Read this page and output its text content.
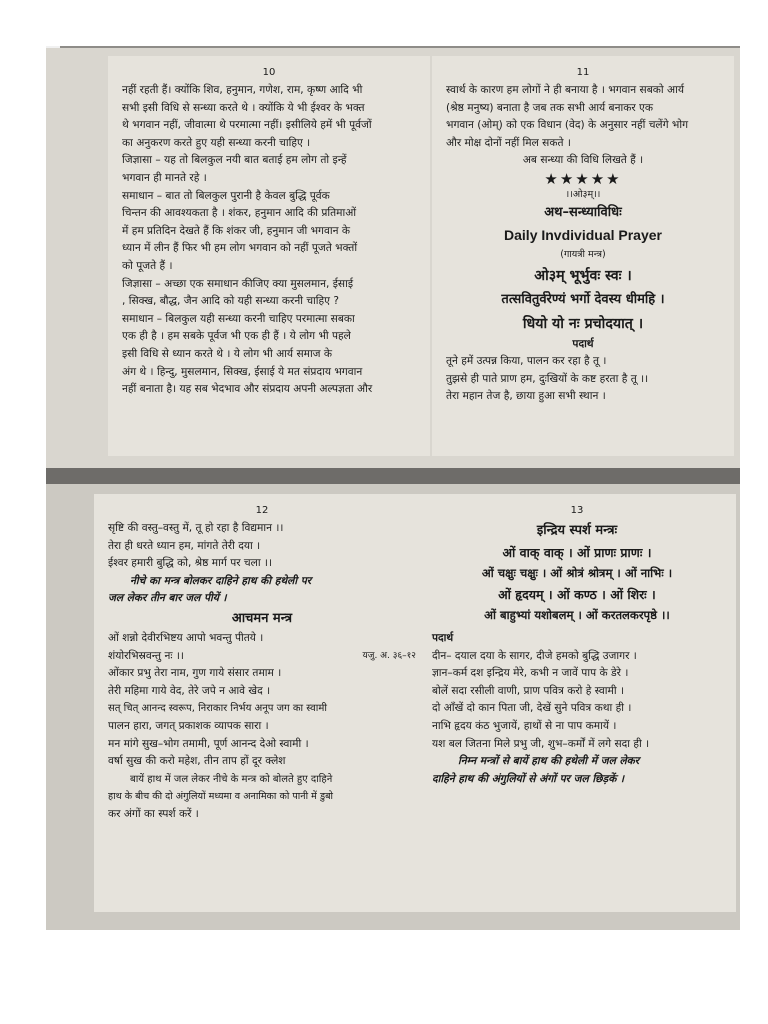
10
नहीं रहती हैं। क्योंकि शिव, हनुमान, गणेश, राम, कृष्ण आदि भी
सभी इसी विधि से सन्ध्या करते थे । क्योंकि ये भी ईश्वर के भक्त
थे भगवान नहीं, जीवात्मा थे परमात्मा नहीं। इसीलिये हमें भी पूर्वजों
का अनुकरण करते हुए यही सन्ध्या करनी चाहिए ।
जिज्ञासा – यह तो बिलकुल नयी बात बताई हम लोग तो इन्हें
भगवान ही मानते रहे ।
समाधान – बात तो बिलकुल पुरानी है केवल बुद्धि पूर्वक
चिन्तन की आवश्यकता है । शंकर, हनुमान आदि की प्रतिमाओं
में हम प्रतिदिन देखते हैं कि शंकर जी, हनुमान जी भगवान के
ध्यान में लीन हैं फिर भी हम लोग भगवान को नहीं पूजते भक्तों
को पूजते हैं ।
जिज्ञासा – अच्छा एक समाधान कीजिए क्या मुसलमान, ईसाई
, सिक्ख, बौद्ध, जैन आदि को यही सन्ध्या करनी चाहिए ?
समाधान – बिलकुल यही सन्ध्या करनी चाहिए परमात्मा सबका
एक ही है । हम सबके पूर्वज भी एक ही हैं । ये लोग भी पहले
इसी विधि से ध्यान करते थे । ये लोग भी आर्य समाज के
अंग थे । हिन्दु, मुसलमान, सिक्ख, ईसाई ये मत संप्रदाय भगवान
नहीं बनाता है। यह सब भेदभाव और संप्रदाय अपनी अल्पज्ञता और
11
स्वार्थ के कारण हम लोगों ने ही बनाया है । भगवान सबको आर्य
(श्रेष्ठ मनुष्य) बनाता है जब तक सभी आर्य बनाकर एक
भगवान (ओम्) को एक विधान (वेद) के अनुसार नहीं चलेंगे भोग
और मोक्ष दोनों नहीं मिल सकते ।
अब सन्ध्या की विधि लिखते हैं ।
★★★★★
।।ओ३म्।।
अथ–सन्ध्याविधिः
Daily Invdividual Prayer
(गायत्री मन्त्र)
ओ३म् भूर्भुवः स्वः ।
तत्सवितुर्वरेण्यं भर्गो देवस्य धीमहि ।
धियो यो नः प्रचोदयात् ।
पदार्थ
तूने हमें उत्पन्न किया, पालन कर रहा है तू ।
तुझसे ही पाते प्राण हम, दुःखियों के कष्ट हरता है तू ।।
तेरा महान तेज है, छाया हुआ सभी स्थान ।
12
सृष्टि की वस्तु–वस्तु में, तू हो रहा है विद्यमान ।।
तेरा ही धरते ध्यान हम, मांगते तेरी दया ।
ईश्वर हमारी बुद्धि को, श्रेष्ठ मार्ग पर चला ।।
नीचे का मन्त्र बोलकर दाहिने हाथ की हथेली पर
जल लेकर तीन बार जल पीयें ।
आचमन मन्त्र
ओं शन्नो देवीरभिष्टय आपो भवन्तु पीतये ।
शंयोरभिस्रवन्तु नः ।।	यजु. अ. ३६–१२
ओंकार प्रभु तेरा नाम, गुण गाये संसार तमाम ।
तेरी महिमा गाये वेद, तेरे जपे न आवे खेद ।
सत् चित् आनन्द स्वरूप, निराकार निर्भय अनूप जग का स्वामी
पालन हारा, जगत् प्रकाशक व्यापक सारा ।
मन मांगे सुख–भोग तमामी, पूर्ण आनन्द देओ स्वामी ।
वर्षा सुख की करो महेश, तीन ताप हों दूर क्लेश
बायें हाथ में जल लेकर नीचे के मन्त्र को बोलते हुए दाहिने
हाथ के बीच की दो अंगुलियों मध्यमा व अनामिका को पानी में डुबो
कर अंगों का स्पर्श करें ।
13
इन्द्रिय स्पर्श मन्त्रः
ओं वाक् वाक् । ओं प्राणः प्राणः ।
ओं चक्षुः चक्षुः । ओं श्रोत्रं श्रोत्रम् । ओं नाभिः ।
ओं हृदयम् । ओं कण्ठ । ओं शिरः ।
ओं बाहुभ्यां यशोबलम् । ओं करतलकरपृष्ठे ।।
पदार्थ
दीन– दयाल दया के सागर, दीजे हमको बुद्धि उजागर ।
ज्ञान–कर्म दश इन्द्रिय मेरे, कभी न जावें पाप के डेरे ।
बोलें सदा रसीली वाणी, प्राण पवित्र करो हे स्वामी ।
दो आँखें दो कान पिता जी, देखें सुने पवित्र कथा ही ।
नाभि हृदय कंठ भुजायें, हाथों से ना पाप कमायें ।
यश बल जितना मिले प्रभु जी, शुभ–कर्मों में लगे सदा ही ।
निम्न मन्त्रों से बायें हाथ की हथेली में जल लेकर
दाहिने हाथ की अंगुलियों से अंगों पर जल छिड़कें ।
